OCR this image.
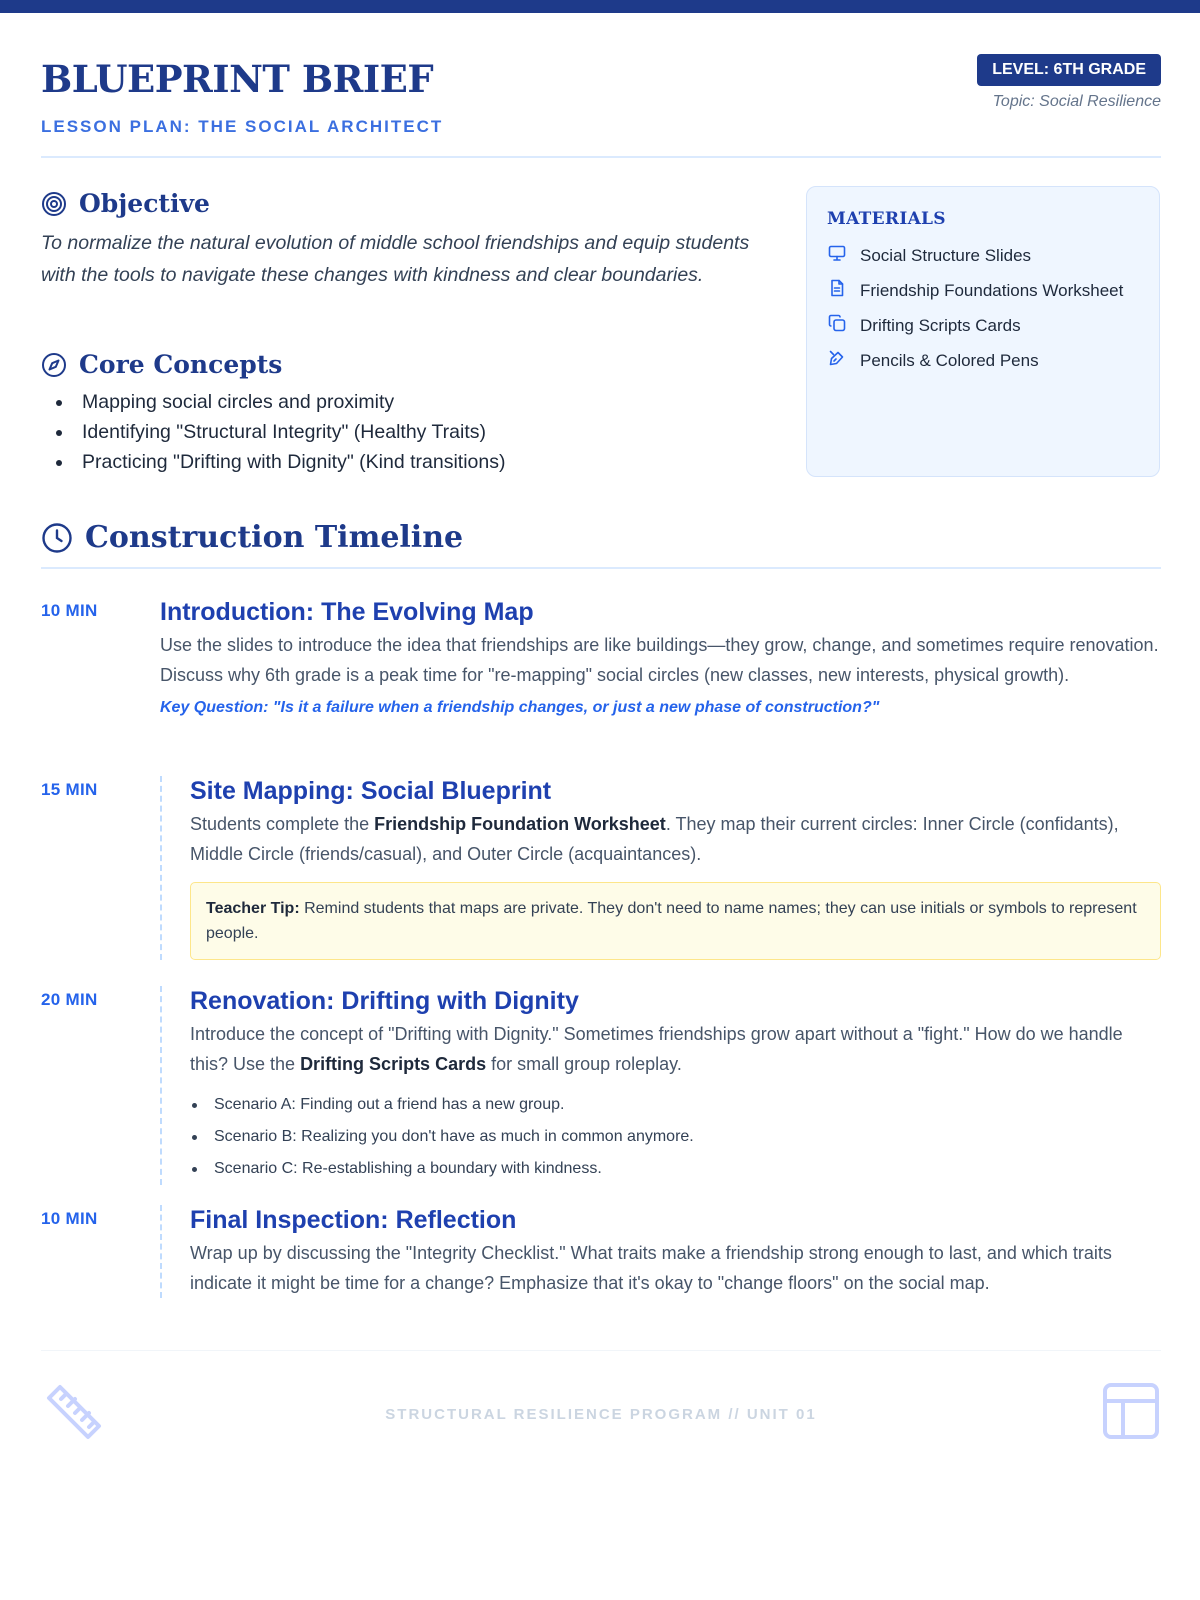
BLUEPRINT BRIEF
LESSON PLAN: THE SOCIAL ARCHITECT
LEVEL: 6TH GRADE
Topic: Social Resilience
Objective

To normalize the natural evolution of middle school friendships and equip students with the tools to navigate these changes with kindness and clear boundaries.

Core Concepts
Mapping social circles and proximity
Identifying "Structural Integrity" (Healthy Traits)
Practicing "Drifting with Dignity" (Kind transitions)
MATERIALS
Social Structure Slides
Friendship Foundations Worksheet
Drifting Scripts Cards
Pencils & Colored Pens
Construction Timeline
10 MIN Introduction: The Evolving Map

Use the slides to introduce the idea that friendships are like buildings—they grow, change, and sometimes require renovation. Discuss why 6th grade is a peak time for "re-mapping" social circles (new classes, new interests, physical growth).

Key Question: "Is it a failure when a friendship changes, or just a new phase of construction?"

15 MIN	Site Mapping: Social Blueprint

Students complete the Friendship Foundation Worksheet. They map their current circles: Inner Circle (confidants), Middle Circle (friends/casual), and Outer Circle (acquaintances).

Teacher Tip: Remind students that maps are private. They don't need to name names; they can use initials or symbols to represent people.
20 MIN	Renovation: Drifting with Dignity

Introduce the concept of "Drifting with Dignity." Sometimes friendships grow apart without a "fight." How do we handle this? Use the Drifting Scripts Cards for small group roleplay.

Scenario A: Finding out a friend has a new group.
Scenario B: Realizing you don't have as much in common anymore.
Scenario C: Re-establishing a boundary with kindness.
10 MIN	Final Inspection: Reflection

Wrap up by discussing the "Integrity Checklist." What traits make a friendship strong enough to last, and which traits indicate it might be time for a change? Emphasize that it's okay to "change floors" on the social map.

STRUCTURAL RESILIENCE PROGRAM // UNIT 01
